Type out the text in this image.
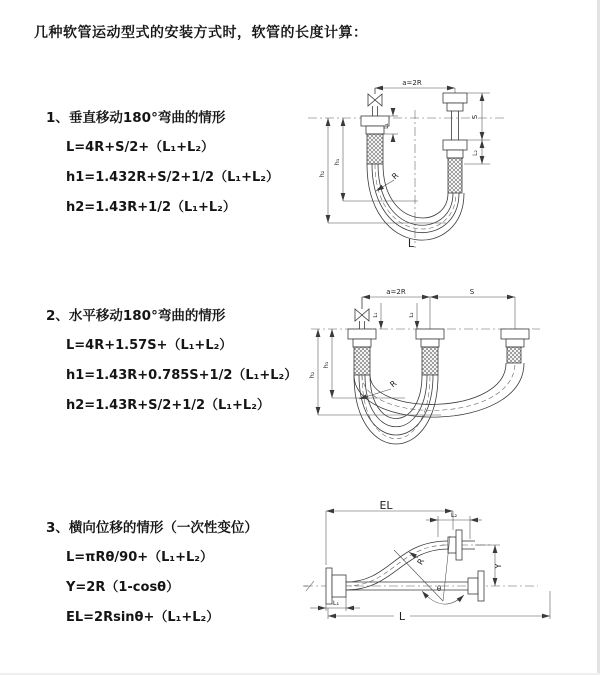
几种软管运动型式的安装方式时，软管的长度计算：
1、垂直移动180°弯曲的情形
L=4R+S/2+（L₁+L₂）
h1=1.432R+S/2+1/2（L₁+L₂）
h2=1.43R+1/2（L₁+L₂）
2、水平移动180°弯曲的情形
L=4R+1.57S+（L₁+L₂）
h1=1.43R+0.785S+1/2（L₁+L₂）
h2=1.43R+S/2+1/2（L₁+L₂）
3、横向位移的情形（一次性变位）
L=πRθ/90+（L₁+L₂）
Y=2R（1-cosθ）
EL=2Rsinθ+（L₁+L₂）
a=2R
h₁
h₂
L₁
S
L₂
R
L
a=2R	S
h₁
h₂
L₁	L₂
R
EL
L₂
Y
R
θ
L₁
L
